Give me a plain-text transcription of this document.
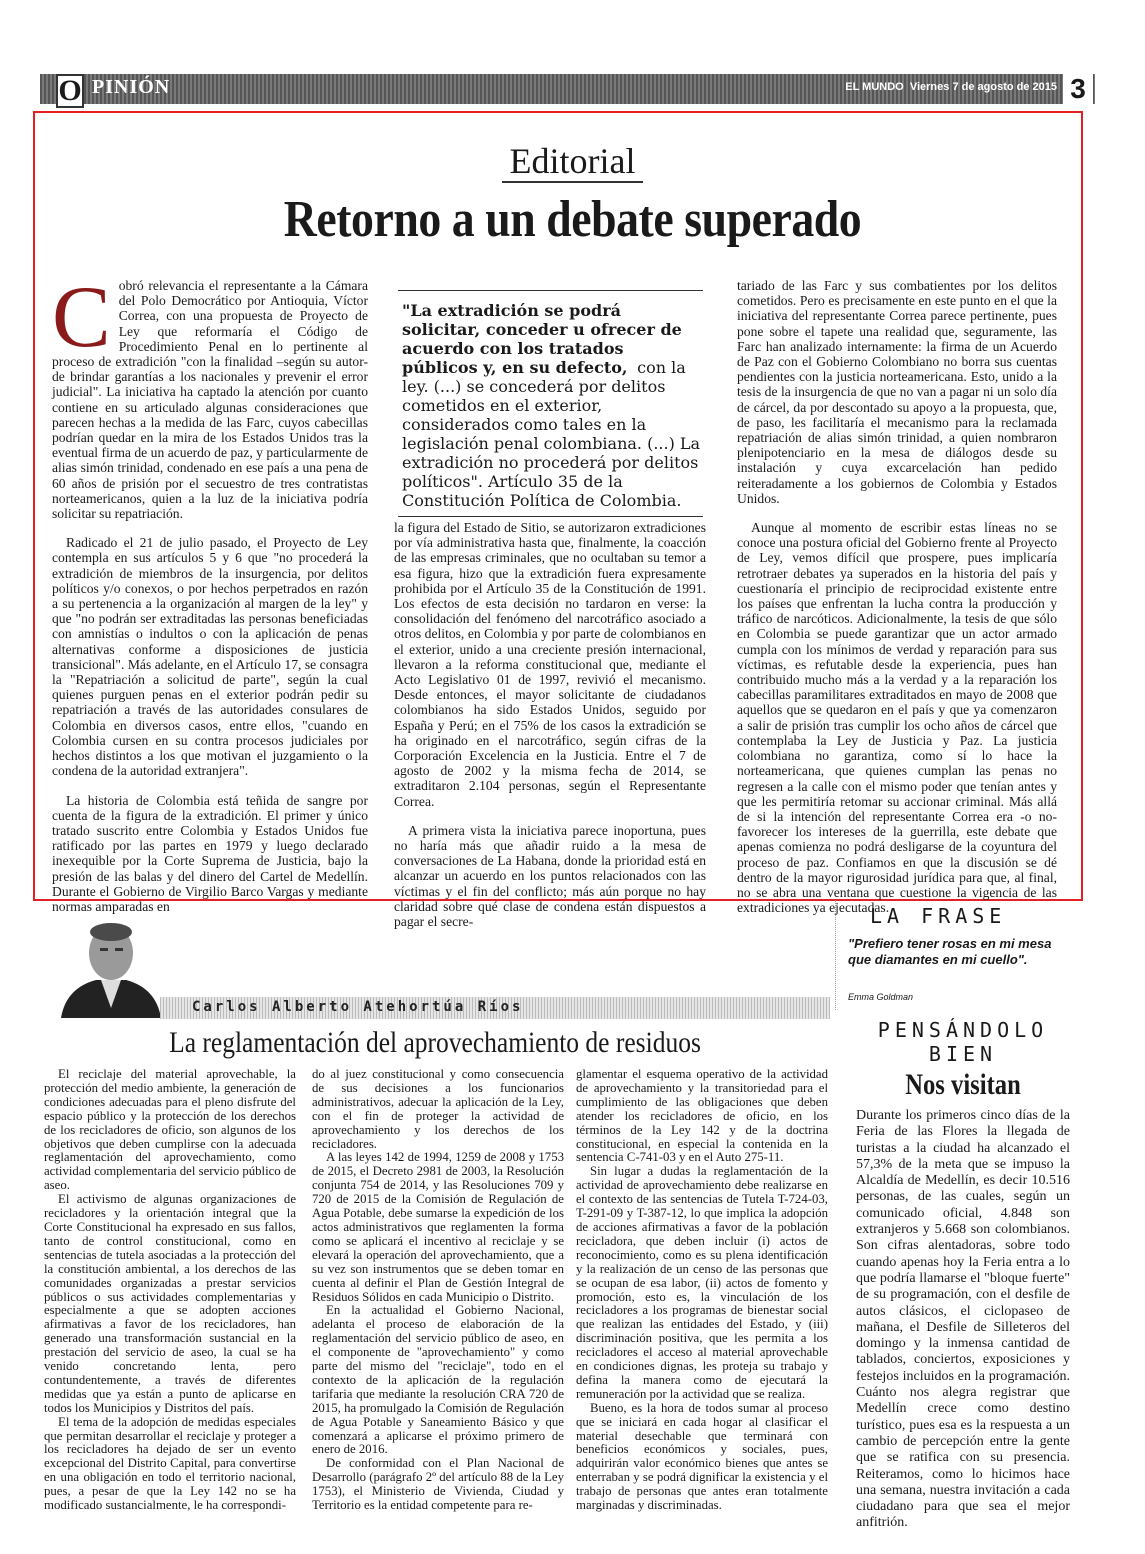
O PINIÓN	EL MUNDO Viernes 7 de agosto de 2015 3
Editorial
Retorno a un debate superado

Cobró relevancia el representante a la Cámara del Polo Democrático por Antioquia, Víctor Correa, con una propuesta de Proyecto de Ley que reformaría el Código de Procedimiento Penal en lo pertinente al proceso de extradición "con la finalidad –según su autor- de brindar garantías a los nacionales y prevenir el error judicial". La iniciativa ha captado la atención por cuanto contiene en su articulado algunas consideraciones que parecen hechas a la medida de las Farc, cuyos cabecillas podrían quedar en la mira de los Estados Unidos tras la eventual firma de un acuerdo de paz, y particularmente de alias simón trinidad, condenado en ese país a una pena de 60 años de prisión por el secuestro de tres contratistas norteamericanos, quien a la luz de la iniciativa podría solicitar su repatriación.

Radicado el 21 de julio pasado, el Proyecto de Ley contempla en sus artículos 5 y 6 que "no procederá la extradición de miembros de la insurgencia, por delitos políticos y/o conexos, o por hechos perpetrados en razón a su pertenencia a la organización al margen de la ley" y que "no podrán ser extraditadas las personas beneficiadas con amnistías o indultos o con la aplicación de penas alternativas conforme a disposiciones de justicia transicional". Más adelante, en el Artículo 17, se consagra la "Repatriación a solicitud de parte", según la cual quienes purguen penas en el exterior podrán pedir su repatriación a través de las autoridades consulares de Colombia en diversos casos, entre ellos, "cuando en Colombia cursen en su contra procesos judiciales por hechos distintos a los que motivan el juzgamiento o la condena de la autoridad extranjera".

La historia de Colombia está teñida de sangre por cuenta de la figura de la extradición. El primer y único tratado suscrito entre Colombia y Estados Unidos fue ratificado por las partes en 1979 y luego declarado inexequible por la Corte Suprema de Justicia, bajo la presión de las balas y del dinero del Cartel de Medellín. Durante el Gobierno de Virgilio Barco Vargas y mediante normas amparadas en

"La extradición se podrá solicitar, conceder u ofrecer de acuerdo con los tratados públicos y, en su defecto, con la ley. (...) se concederá por delitos cometidos en el exterior, considerados como tales en la legislación penal colombiana. (...) La extradición no procederá por delitos políticos". Artículo 35 de la Constitución Política de Colombia.

la figura del Estado de Sitio, se autorizaron extradiciones por vía administrativa hasta que, finalmente, la coacción de las empresas criminales, que no ocultaban su temor a esa figura, hizo que la extradición fuera expresamente prohibida por el Artículo 35 de la Constitución de 1991. Los efectos de esta decisión no tardaron en verse: la consolidación del fenómeno del narcotráfico asociado a otros delitos, en Colombia y por parte de colombianos en el exterior, unido a una creciente presión internacional, llevaron a la reforma constitucional que, mediante el Acto Legislativo 01 de 1997, revivió el mecanismo. Desde entonces, el mayor solicitante de ciudadanos colombianos ha sido Estados Unidos, seguido por España y Perú; en el 75% de los casos la extradición se ha originado en el narcotráfico, según cifras de la Corporación Excelencia en la Justicia. Entre el 7 de agosto de 2002 y la misma fecha de 2014, se extraditaron 2.104 personas, según el Representante Correa.

A primera vista la iniciativa parece inoportuna, pues no haría más que añadir ruido a la mesa de conversaciones de La Habana, donde la prioridad está en alcanzar un acuerdo en los puntos relacionados con las víctimas y el fin del conflicto; más aún porque no hay claridad sobre qué clase de condena están dispuestos a pagar el secre-

tariado de las Farc y sus combatientes por los delitos cometidos. Pero es precisamente en este punto en el que la iniciativa del representante Correa parece pertinente, pues pone sobre el tapete una realidad que, seguramente, las Farc han analizado internamente: la firma de un Acuerdo de Paz con el Gobierno Colombiano no borra sus cuentas pendientes con la justicia norteamericana. Esto, unido a la tesis de la insurgencia de que no van a pagar ni un solo día de cárcel, da por descontado su apoyo a la propuesta, que, de paso, les facilitaría el mecanismo para la reclamada repatriación de alias simón trinidad, a quien nombraron plenipotenciario en la mesa de diálogos desde su instalación y cuya excarcelación han pedido reiteradamente a los gobiernos de Colombia y Estados Unidos.

Aunque al momento de escribir estas líneas no se conoce una postura oficial del Gobierno frente al Proyecto de Ley, vemos difícil que prospere, pues implicaría retrotraer debates ya superados en la historia del país y cuestionaría el principio de reciprocidad existente entre los países que enfrentan la lucha contra la producción y tráfico de narcóticos. Adicionalmente, la tesis de que sólo en Colombia se puede garantizar que un actor armado cumpla con los mínimos de verdad y reparación para sus víctimas, es refutable desde la experiencia, pues han contribuido mucho más a la verdad y a la reparación los cabecillas paramilitares extraditados en mayo de 2008 que aquellos que se quedaron en el país y que ya comenzaron a salir de prisión tras cumplir los ocho años de cárcel que contemplaba la Ley de Justicia y Paz. La justicia colombiana no garantiza, como sí lo hace la norteamericana, que quienes cumplan las penas no regresen a la calle con el mismo poder que tenían antes y que les permitiría retomar su accionar criminal. Más allá de si la intención del representante Correa era -o no- favorecer los intereses de la guerrilla, este debate que apenas comienza no podrá desligarse de la coyuntura del proceso de paz. Confiamos en que la discusión se dé dentro de la mayor rigurosidad jurídica para que, al final, no se abra una ventana que cuestione la vigencia de las extradiciones ya ejecutadas.

Carlos Alberto Atehortúa Ríos
La reglamentación del aprovechamiento de residuos

El reciclaje del material aprovechable, la protección del medio ambiente, la generación de condiciones adecuadas para el pleno disfrute del espacio público y la protección de los derechos de los recicladores de oficio, son algunos de los objetivos que deben cumplirse con la adecuada reglamentación del aprovechamiento, como actividad complementaria del servicio público de aseo.

El activismo de algunas organizaciones de recicladores y la orientación integral que la Corte Constitucional ha expresado en sus fallos, tanto de control constitucional, como en sentencias de tutela asociadas a la protección del la constitución ambiental, a los derechos de las comunidades organizadas a prestar servicios públicos o sus actividades complementarias y especialmente a que se adopten acciones afirmativas a favor de los recicladores, han generado una transformación sustancial en la prestación del servicio de aseo, la cual se ha venido concretando lenta, pero contundentemente, a través de diferentes medidas que ya están a punto de aplicarse en todos los Municipios y Distritos del país.

El tema de la adopción de medidas especiales que permitan desarrollar el reciclaje y proteger a los recicladores ha dejado de ser un evento excepcional del Distrito Capital, para convertirse en una obligación en todo el territorio nacional, pues, a pesar de que la Ley 142 no se ha modificado sustancialmente, le ha correspondi-

do al juez constitucional y como consecuencia de sus decisiones a los funcionarios administrativos, adecuar la aplicación de la Ley, con el fin de proteger la actividad de aprovechamiento y los derechos de los recicladores.

A las leyes 142 de 1994, 1259 de 2008 y 1753 de 2015, el Decreto 2981 de 2003, la Resolución conjunta 754 de 2014, y las Resoluciones 709 y 720 de 2015 de la Comisión de Regulación de Agua Potable, debe sumarse la expedición de los actos administrativos que reglamenten la forma como se aplicará el incentivo al reciclaje y se elevará la operación del aprovechamiento, que a su vez son instrumentos que se deben tomar en cuenta al definir el Plan de Gestión Integral de Residuos Sólidos en cada Municipio o Distrito.

En la actualidad el Gobierno Nacional, adelanta el proceso de elaboración de la reglamentación del servicio público de aseo, en el componente de "aprovechamiento" y como parte del mismo del "reciclaje", todo en el contexto de la aplicación de la regulación tarifaria que mediante la resolución CRA 720 de 2015, ha promulgado la Comisión de Regulación de Agua Potable y Saneamiento Básico y que comenzará a aplicarse el próximo primero de enero de 2016.

De conformidad con el Plan Nacional de Desarrollo (parágrafo 2º del artículo 88 de la Ley 1753), el Ministerio de Vivienda, Ciudad y Territorio es la entidad competente para re-

glamentar el esquema operativo de la actividad de aprovechamiento y la transitoriedad para el cumplimiento de las obligaciones que deben atender los recicladores de oficio, en los términos de la Ley 142 y de la doctrina constitucional, en especial la contenida en la sentencia C-741-03 y en el Auto 275-11.

Sin lugar a dudas la reglamentación de la actividad de aprovechamiento debe realizarse en el contexto de las sentencias de Tutela T-724-03, T-291-09 y T-387-12, lo que implica la adopción de acciones afirmativas a favor de la población recicladora, que deben incluir (i) actos de reconocimiento, como es su plena identificación y la realización de un censo de las personas que se ocupan de esa labor, (ii) actos de fomento y promoción, esto es, la vinculación de los recicladores a los programas de bienestar social que realizan las entidades del Estado, y (iii) discriminación positiva, que les permita a los recicladores el acceso al material aprovechable en condiciones dignas, les proteja su trabajo y defina la manera como de ejecutará la remuneración por la actividad que se realiza.

Bueno, es la hora de todos sumar al proceso que se iniciará en cada hogar al clasificar el material desechable que terminará con beneficios económicos y sociales, pues, adquirirán valor económico bienes que antes se enterraban y se podrá dignificar la existencia y el trabajo de personas que antes eran totalmente marginadas y discriminadas.

LA FRASE
"Prefiero tener rosas en mi mesa que diamantes en mi cuello".
Emma Goldman
PENSÁNDOLO
BIEN
Nos visitan
Durante los primeros cinco días de la Feria de las Flores la llegada de turistas a la ciudad ha alcanzado el 57,3% de la meta que se impuso la Alcaldía de Medellín, es decir 10.516 personas, de las cuales, según un comunicado oficial, 4.848 son extranjeros y 5.668 son colombianos. Son cifras alentadoras, sobre todo cuando apenas hoy la Feria entra a lo que podría llamarse el "bloque fuerte" de su programación, con el desfile de autos clásicos, el ciclopaseo de mañana, el Desfile de Silleteros del domingo y la inmensa cantidad de tablados, conciertos, exposiciones y festejos incluidos en la programación. Cuánto nos alegra registrar que Medellín crece como destino turístico, pues esa es la respuesta a un cambio de percepción entre la gente que se ratifica con su presencia. Reiteramos, como lo hicimos hace una semana, nuestra invitación a cada ciudadano para que sea el mejor anfitrión.
